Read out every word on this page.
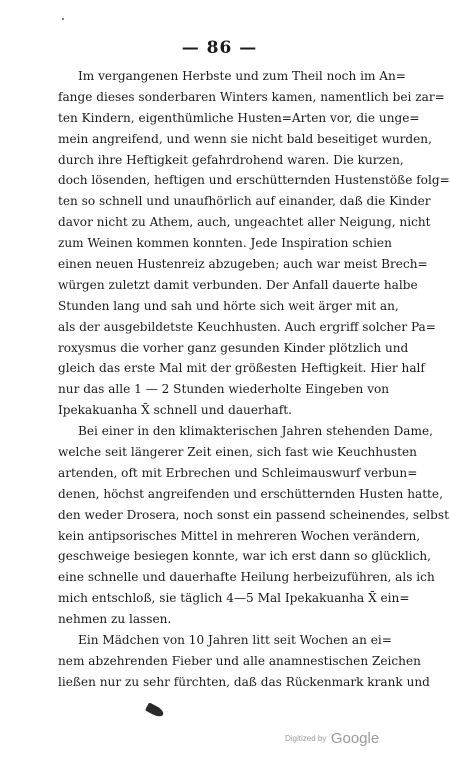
— 86 —
Im vergangenen Herbste und zum Theil noch im An=
fange dieses sonderbaren Winters kamen, namentlich bei zar=
ten Kindern, eigenthümliche Husten=Arten vor, die unge=
mein angreifend, und wenn sie nicht bald beseitiget wurden,
durch ihre Heftigkeit gefahrdrohend waren. Die kurzen,
doch lösenden, heftigen und erschütternden Hustenstöße folg=
ten so schnell und unaufhörlich auf einander, daß die Kinder
davor nicht zu Athem, auch, ungeachtet aller Neigung, nicht
zum Weinen kommen konnten. Jede Inspiration schien
einen neuen Hustenreiz abzugeben; auch war meist Brech=
würgen zuletzt damit verbunden. Der Anfall dauerte halbe
Stunden lang und sah und hörte sich weit ärger mit an,
als der ausgebildetste Keuchhusten. Auch ergriff solcher Pa=
roxysmus die vorher ganz gesunden Kinder plötzlich und
gleich das erste Mal mit der größesten Heftigkeit. Hier half
nur das alle 1 — 2 Stunden wiederholte Eingeben von
Ipekakuanha X̄ schnell und dauerhaft.
Bei einer in den klimakterischen Jahren stehenden Dame,
welche seit längerer Zeit einen, sich fast wie Keuchhusten
artenden, oft mit Erbrechen und Schleimauswurf verbun=
denen, höchst angreifenden und erschütternden Husten hatte,
den weder Drosera, noch sonst ein passend scheinendes, selbst
kein antipsorisches Mittel in mehreren Wochen verändern,
geschweige besiegen konnte, war ich erst dann so glücklich,
eine schnelle und dauerhafte Heilung herbeizuführen, als ich
mich entschloß, sie täglich 4—5 Mal Ipekakuanha X̄ ein=
nehmen zu lassen.
Ein Mädchen von 10 Jahren litt seit Wochen an ei=
nem abzehrenden Fieber und alle anamnestischen Zeichen
ließen nur zu sehr fürchten, daß das Rückenmark krank und
Digitized by Google
